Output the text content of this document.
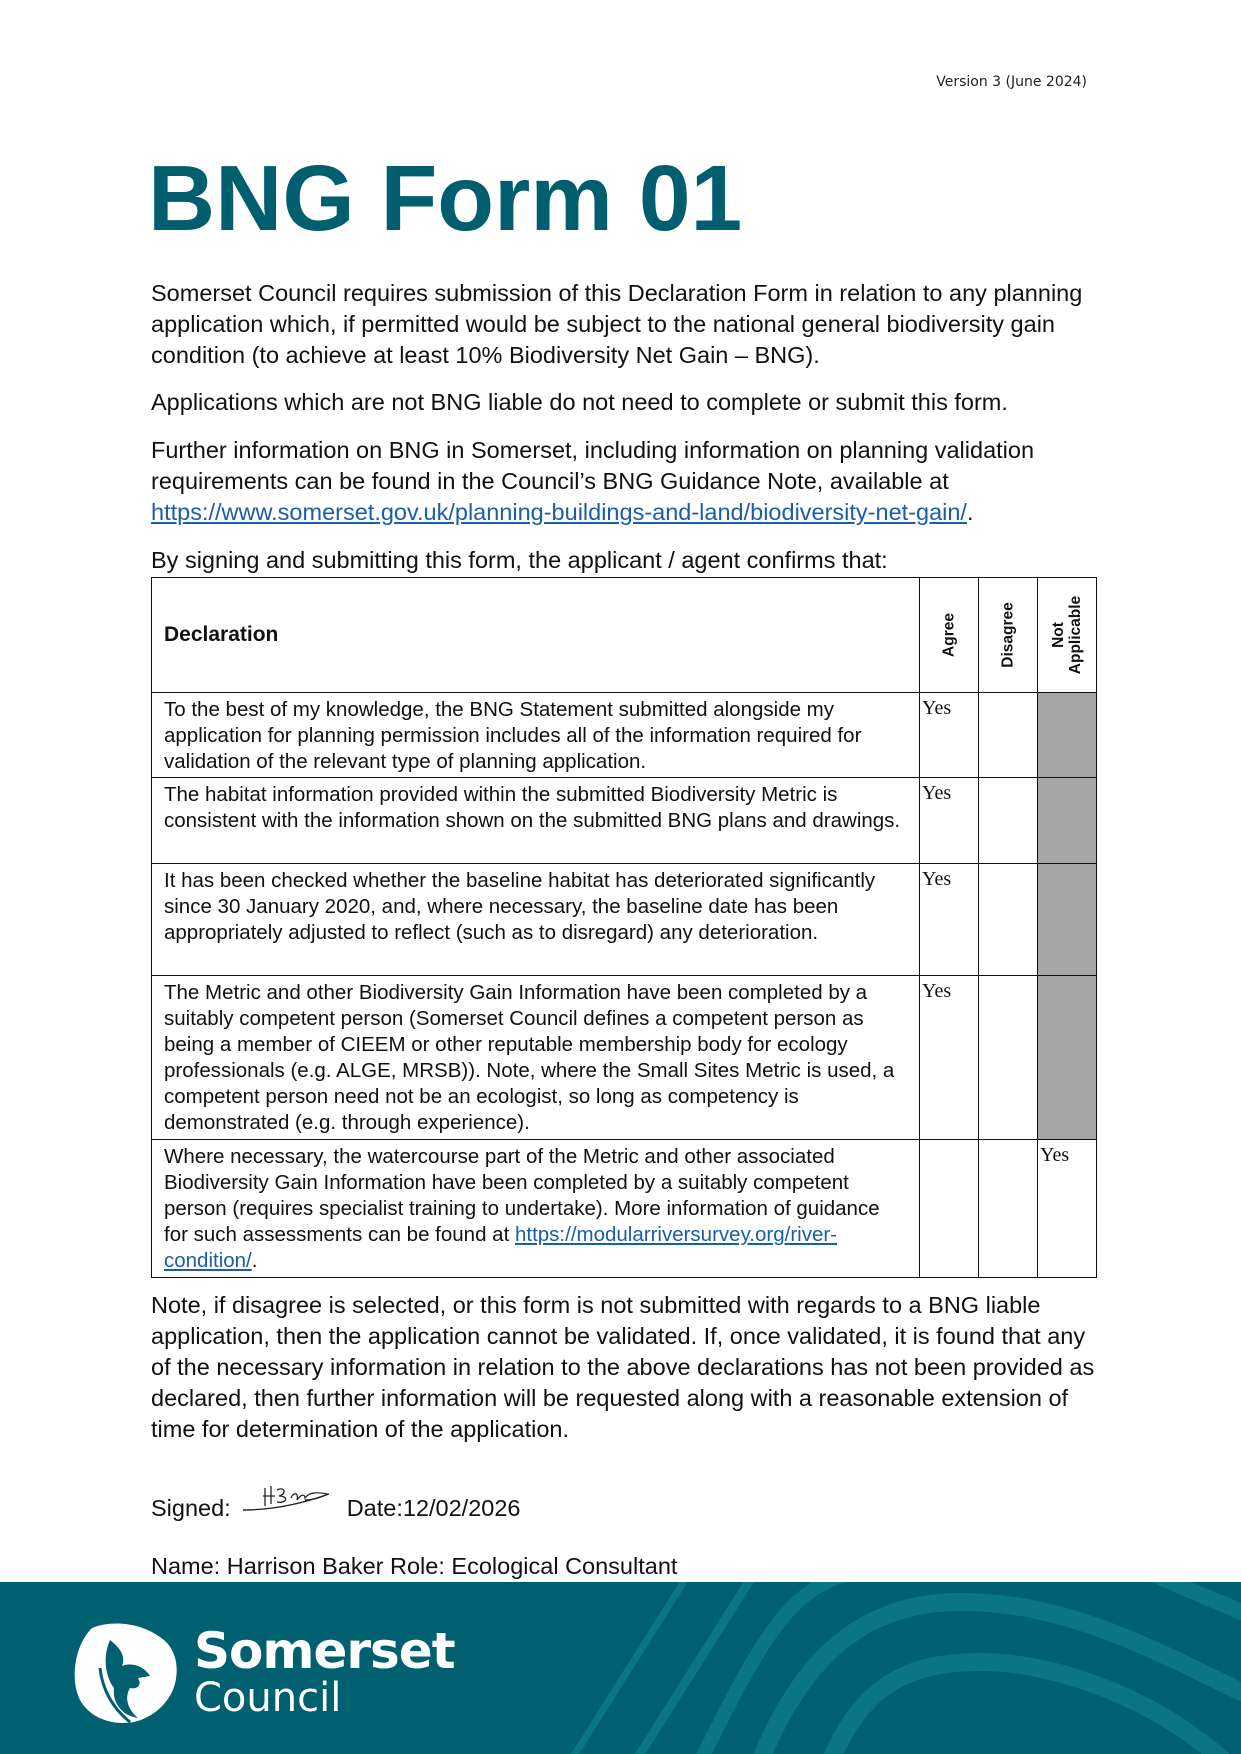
Version 3 (June 2024)
BNG Form 01

Somerset Council requires submission of this Declaration Form in relation to any planning application which, if permitted would be subject to the national general biodiversity gain condition (to achieve at least 10% Biodiversity Net Gain – BNG).

Applications which are not BNG liable do not need to complete or submit this form.

Further information on BNG in Somerset, including information on planning validation requirements can be found in the Council’s BNG Guidance Note, available at https://www.somerset.gov.uk/planning-buildings-and-land/biodiversity-net-gain/.

By signing and submitting this form, the applicant / agent confirms that:

Declaration	Agree	Disagree	Not
Applicable

To the best of my knowledge, the BNG Statement submitted alongside my application for planning permission includes all of the information required for validation of the relevant type of planning application.	Yes		
The habitat information provided within the submitted Biodiversity Metric is consistent with the information shown on the submitted BNG plans and drawings.	Yes		
It has been checked whether the baseline habitat has deteriorated significantly since 30 January 2020, and, where necessary, the baseline date has been appropriately adjusted to reflect (such as to disregard) any deterioration.	Yes		
The Metric and other Biodiversity Gain Information have been completed by a suitably competent person (Somerset Council defines a competent person as being a member of CIEEM or other reputable membership body for ecology professionals (e.g. ALGE, MRSB)). Note, where the Small Sites Metric is used, a competent person need not be an ecologist, so long as competency is demonstrated (e.g. through experience).	Yes		
Where necessary, the watercourse part of the Metric and other associated Biodiversity Gain Information have been completed by a suitably competent person (requires specialist training to undertake). More information of guidance for such assessments can be found at https://modularriversurvey.org/river-condition/.			Yes

Note, if disagree is selected, or this form is not submitted with regards to a BNG liable application, then the application cannot be validated. If, once validated, it is found that any of the necessary information in relation to the above declarations has not been provided as declared, then further information will be requested along with a reasonable extension of time for determination of the application.

Signed:	Date: 12/02/2026
Name: Harrison Baker Role: Ecological Consultant
Somerset
Council
